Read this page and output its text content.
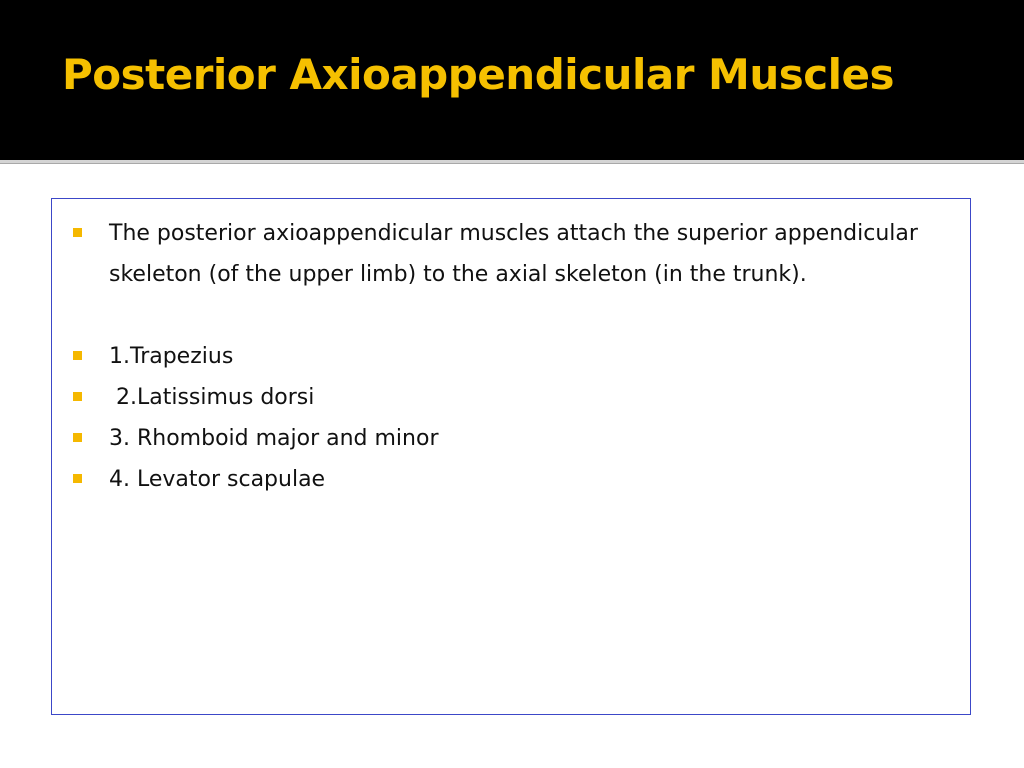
Posterior Axioappendicular Muscles
The posterior axioappendicular muscles attach the superior appendicular skeleton (of the upper limb) to the axial skeleton (in the trunk).
1.Trapezius
2.Latissimus dorsi
3. Rhomboid major and minor
4. Levator scapulae
